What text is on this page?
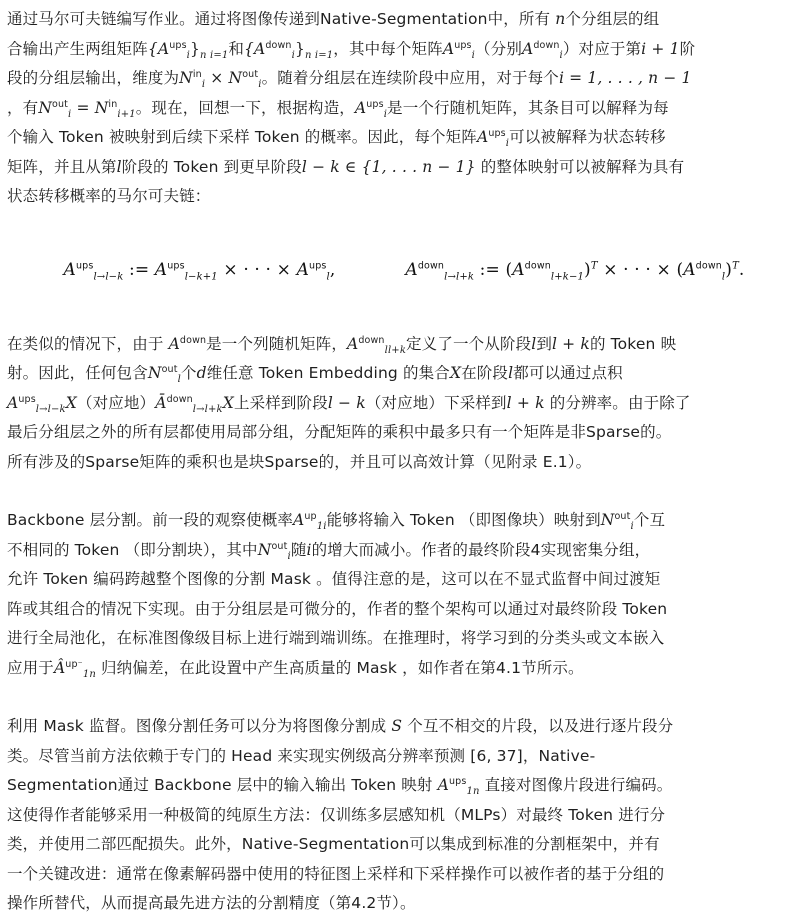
通过马尔可夫链编写作业。通过将图像传递到Native-Segmentation中，所有 n个分组层的组
合输出产生两组矩阵$\{A^{ups}_i\}_{n i=1}$和$\{A^{down}_i\}_{n i=1}$，其中每个矩阵$A^{ups}_i$（分别$A^{down}_i$）对应于第i + 1阶
段的分组层输出，维度为$N^{in}_i \times N^{out}_i$。随着分组层在连续阶段中应用，对于每个i = 1, . . . , n − 1
，有$N^{out}_i = N^{in}_{i+1}$。现在，回想一下，根据构造，$A^{ups}_i$是一个行随机矩阵，其条目可以解释为每
个输入 Token 被映射到后续下采样 Token 的概率。因此，每个矩阵$A^{ups}_i$可以被解释为状态转移
矩阵，并且从第l阶段的 Token 到更早阶段l − k ∈ {1, . . . n − 1} 的整体映射可以被解释为具有
状态转移概率的马尔可夫链：

$A^{ups}_{l\to l-k}$ := $A^{ups}_{l-k+1}$ × · · · × $A^{ups}_l$,	$A^{down}_{l\to l+k}$ := $(A^{down}_{l+k-1})^T$ × · · · × $(A^{down}_l)^T$.

在类似的情况下，由于 $A^{down}$是一个列随机矩阵，$A^{down}_{ll+k}$定义了一个从阶段l到l + k的 Token 映
射。因此，任何包含$N^{out}_l$个d维任意 Token Embedding 的集合X在阶段l都可以通过点积
$A^{ups}_{l\to l-k}X$（对应地）$Ā^{down}_{l\to l+k}X$上采样到阶段l − k（对应地）下采样到l + k 的分辨率。由于除了
最后分组层之外的所有层都使用局部分组，分配矩阵的乘积中最多只有一个矩阵是非Sparse的。
所有涉及的Sparse矩阵的乘积也是块Sparse的，并且可以高效计算（见附录 E.1）。

Backbone 层分割。前一段的观察使概率$A^{up}_{1i}$能够将输入 Token （即图像块）映射到$N^{out}_i$个互
不相同的 Token （即分割块），其中$N^{out}_i$随i的增大而减小。作者的最终阶段4实现密集分组，
允许 Token 编码跨越整个图像的分割 Mask 。值得注意的是，这可以在不显式监督中间过渡矩
阵或其组合的情况下实现。由于分组层是可微分的，作者的整个架构可以通过对最终阶段 Token
进行全局池化，在标准图像级目标上进行端到端训练。在推理时，将学习到的分类头或文本嵌入
应用于$Â^{up^-}_{1n}$ 归纳偏差，在此设置中产生高质量的 Mask ，如作者在第4.1节所示。

利用 Mask 监督。图像分割任务可以分为将图像分割成 S 个互不相交的片段，以及进行逐片段分
类。尽管当前方法依赖于专门的 Head 来实现实例级高分辨率预测 [6, 37]，Native-
Segmentation通过 Backbone 层中的输入输出 Token 映射 $A^{ups}_{1n}$ 直接对图像片段进行编码。
这使得作者能够采用一种极简的纯原生方法：仅训练多层感知机（MLPs）对最终 Token 进行分
类，并使用二部匹配损失。此外，Native-Segmentation可以集成到标准的分割框架中，并有
一个关键改进：通常在像素解码器中使用的特征图上采样和下采样操作可以被作者的基于分组的
操作所替代，从而提高最先进方法的分割精度（第4.2节）。
